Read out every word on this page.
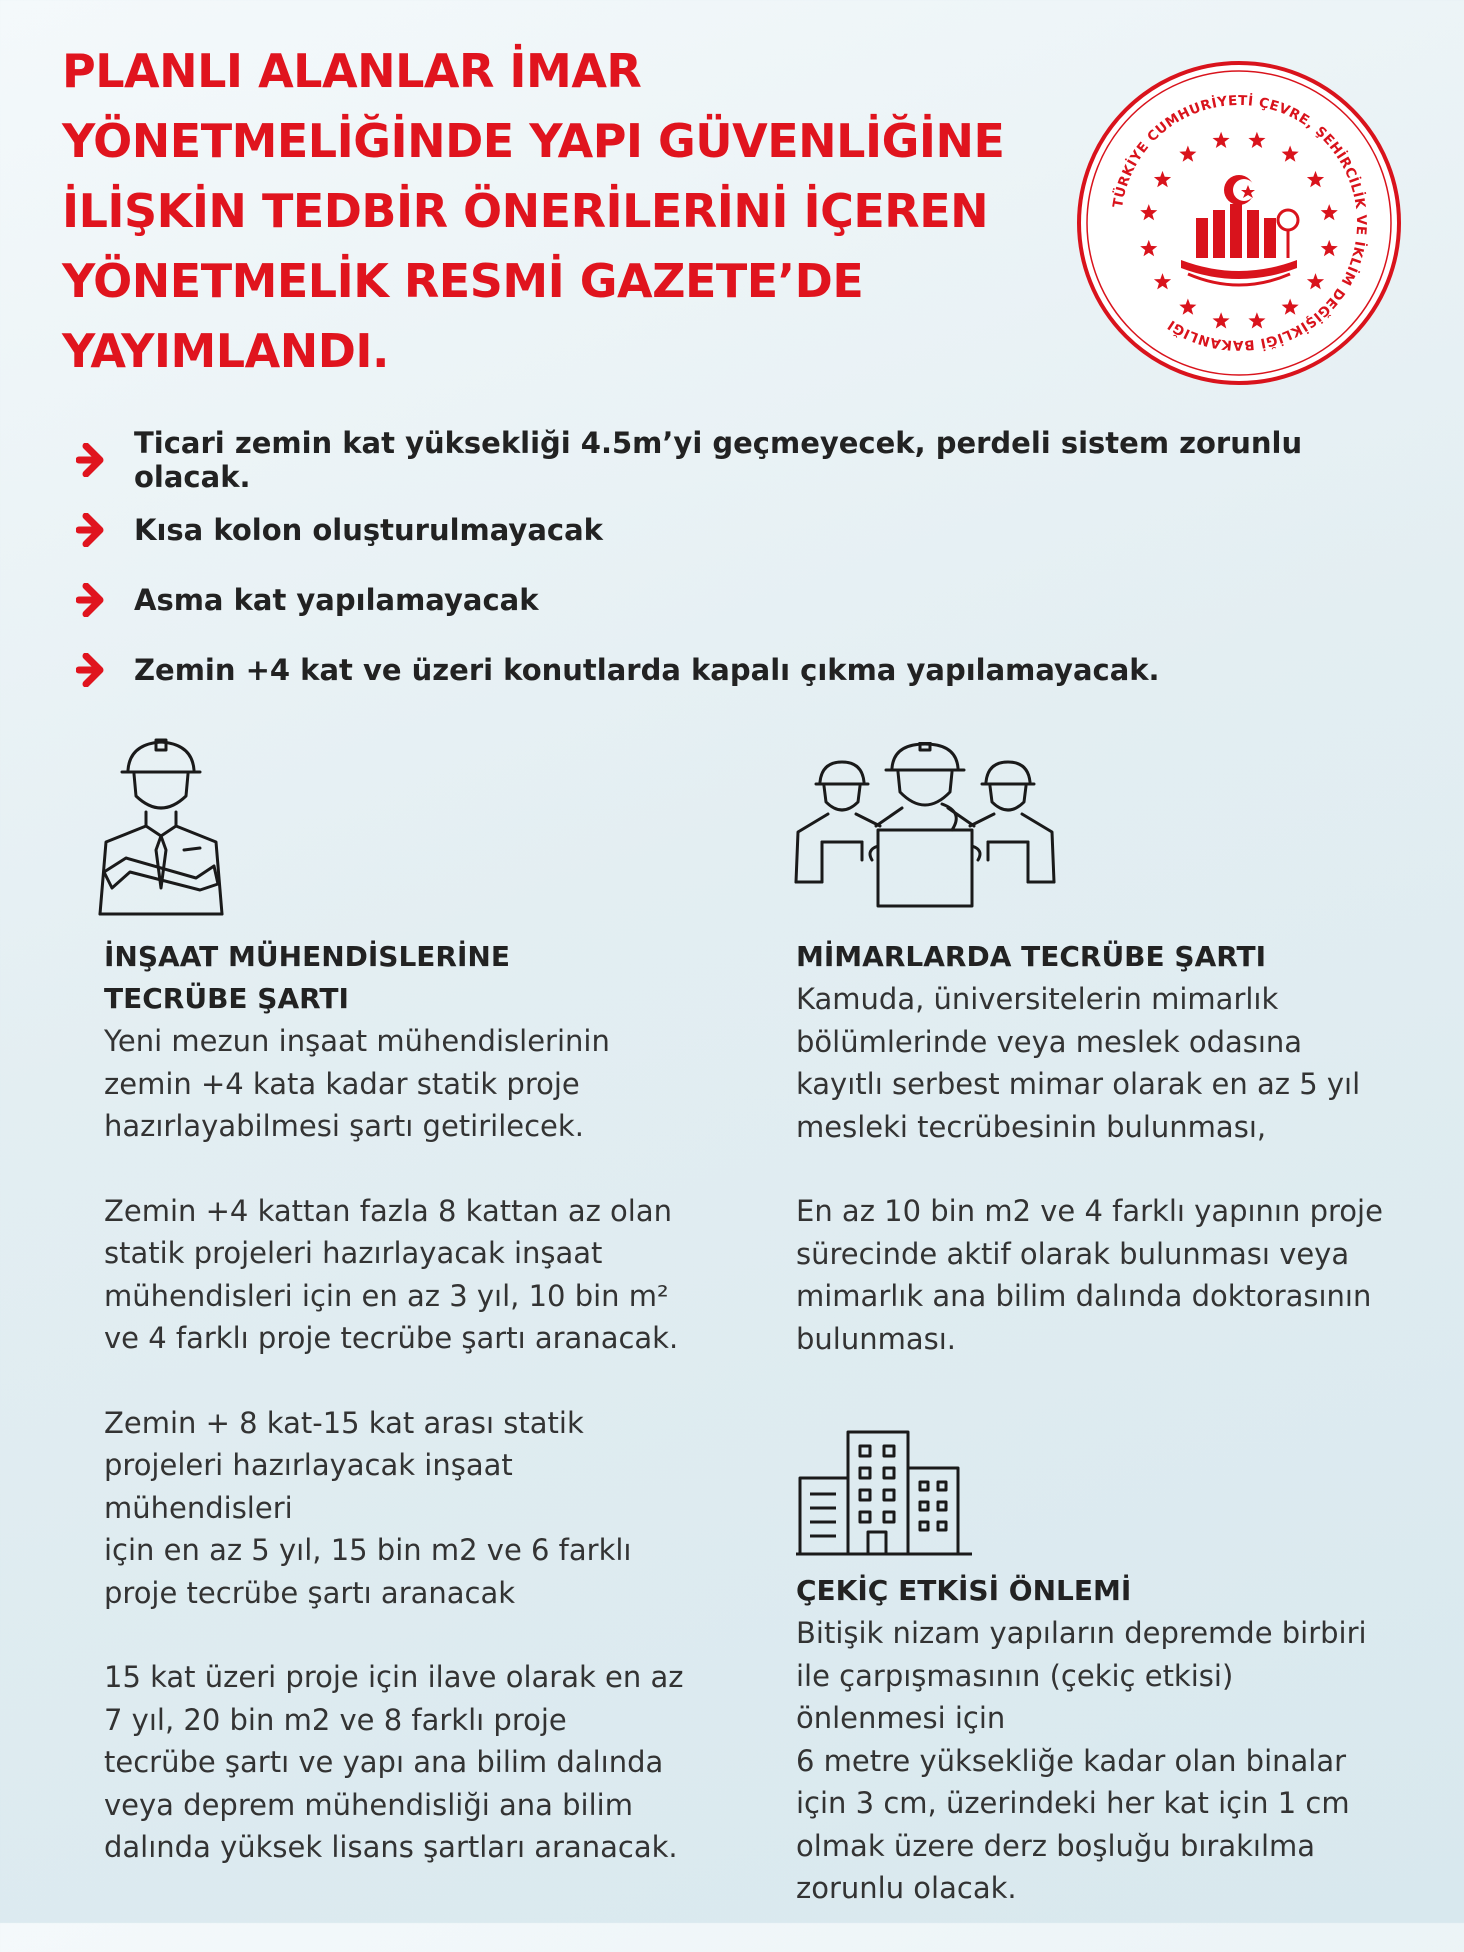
PLANLI ALANLAR İMAR
YÖNETMELİĞİNDE YAPI GÜVENLİĞİNE
İLİŞKİN TEDBİR ÖNERİLERİNİ İÇEREN
YÖNETMELİK RESMİ GAZETE’DE
YAYIMLANDI.
TÜRKİYE CUMHURİYETİ ÇEVRE, ŞEHİRCİLİK VE İKLİM DEĞİŞİKLİĞİ BAKANLIĞI
Ticari zemin kat yüksekliği 4.5m’yi geçmeyecek, perdeli sistem zorunlu olacak.
Kısa kolon oluşturulmayacak
Asma kat yapılamayacak
Zemin +4 kat ve üzeri konutlarda kapalı çıkma yapılamayacak.
İNŞAAT MÜHENDİSLERİNE
TECRÜBE ŞARTI

Yeni mezun inşaat mühendislerinin
zemin +4 kata kadar statik proje
hazırlayabilmesi şartı getirilecek.

Zemin +4 kattan fazla 8 kattan az olan
statik projeleri hazırlayacak inşaat
mühendisleri için en az 3 yıl, 10 bin m²
ve 4 farklı proje tecrübe şartı aranacak.

Zemin + 8 kat-15 kat arası statik
projeleri hazırlayacak inşaat
mühendisleri
için en az 5 yıl, 15 bin m2 ve 6 farklı
proje tecrübe şartı aranacak

15 kat üzeri proje için ilave olarak en az
7 yıl, 20 bin m2 ve 8 farklı proje
tecrübe şartı ve yapı ana bilim dalında
veya deprem mühendisliği ana bilim
dalında yüksek lisans şartları aranacak.

MİMARLARDA TECRÜBE ŞARTI

Kamuda, üniversitelerin mimarlık
bölümlerinde veya meslek odasına
kayıtlı serbest mimar olarak en az 5 yıl
mesleki tecrübesinin bulunması,

En az 10 bin m2 ve 4 farklı yapının proje
sürecinde aktif olarak bulunması veya
mimarlık ana bilim dalında doktorasının
bulunması.

ÇEKİÇ ETKİSİ ÖNLEMİ

Bitişik nizam yapıların depremde birbiri
ile çarpışmasının (çekiç etkisi)
önlenmesi için
6 metre yüksekliğe kadar olan binalar
için 3 cm, üzerindeki her kat için 1 cm
olmak üzere derz boşluğu bırakılma
zorunlu olacak.
